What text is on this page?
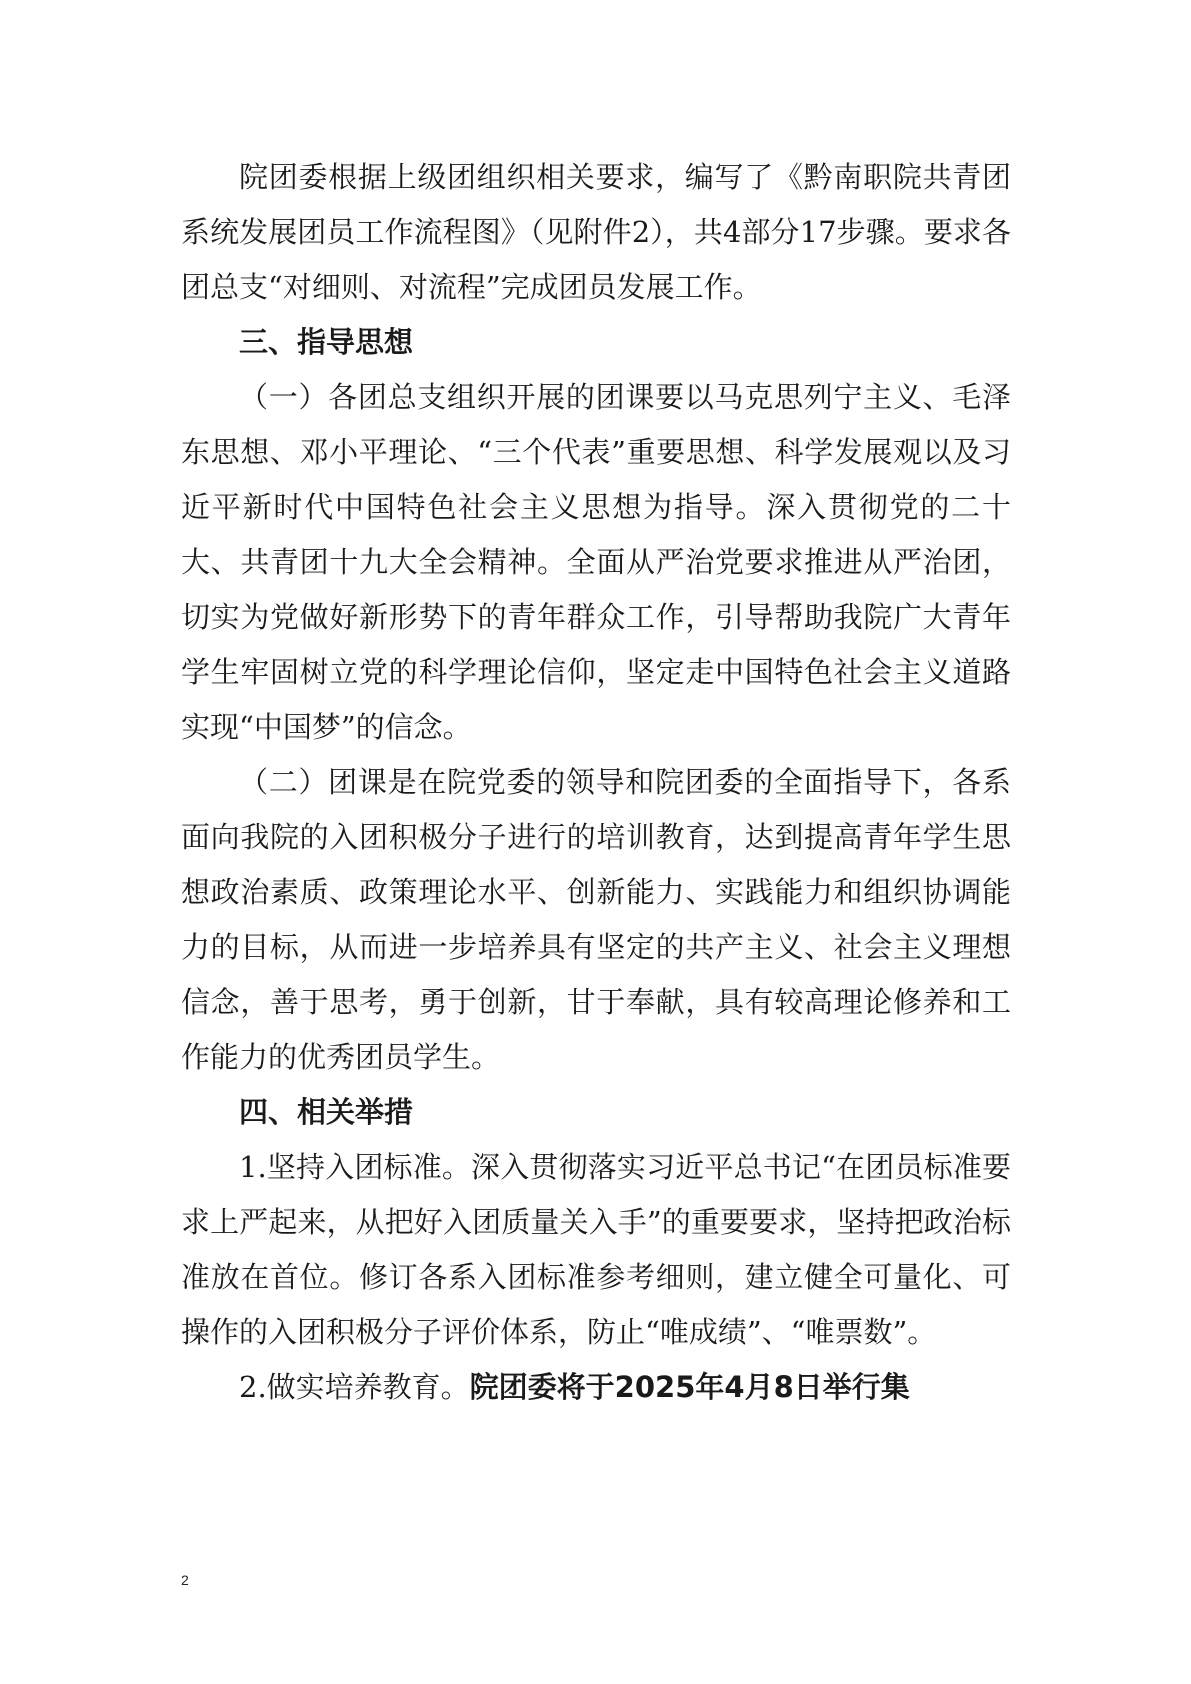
院团委根据上级团组织相关要求，编写了《黔南职院共青团系统发展团员工作流程图》（见附件2），共4部分17步骤。要求各团总支“对细则、对流程”完成团员发展工作。

三、指导思想

（一）各团总支组织开展的团课要以马克思列宁主义、毛泽东思想、邓小平理论、“三个代表”重要思想、科学发展观以及习近平新时代中国特色社会主义思想为指导。深入贯彻党的二十大、共青团十九大全会精神。全面从严治党要求推进从严治团，切实为党做好新形势下的青年群众工作，引导帮助我院广大青年学生牢固树立党的科学理论信仰，坚定走中国特色社会主义道路实现“中国梦”的信念。

（二）团课是在院党委的领导和院团委的全面指导下，各系面向我院的入团积极分子进行的培训教育，达到提高青年学生思想政治素质、政策理论水平、创新能力、实践能力和组织协调能力的目标，从而进一步培养具有坚定的共产主义、社会主义理想信念，善于思考，勇于创新，甘于奉献，具有较高理论修养和工作能力的优秀团员学生。

四、相关举措

1.坚持入团标准。深入贯彻落实习近平总书记“在团员标准要求上严起来，从把好入团质量关入手”的重要要求，坚持把政治标准放在首位。修订各系入团标准参考细则，建立健全可量化、可操作的入团积极分子评价体系，防止“唯成绩”、“唯票数”。

2.做实培养教育。院团委将于2025年4月8日举行集

2
